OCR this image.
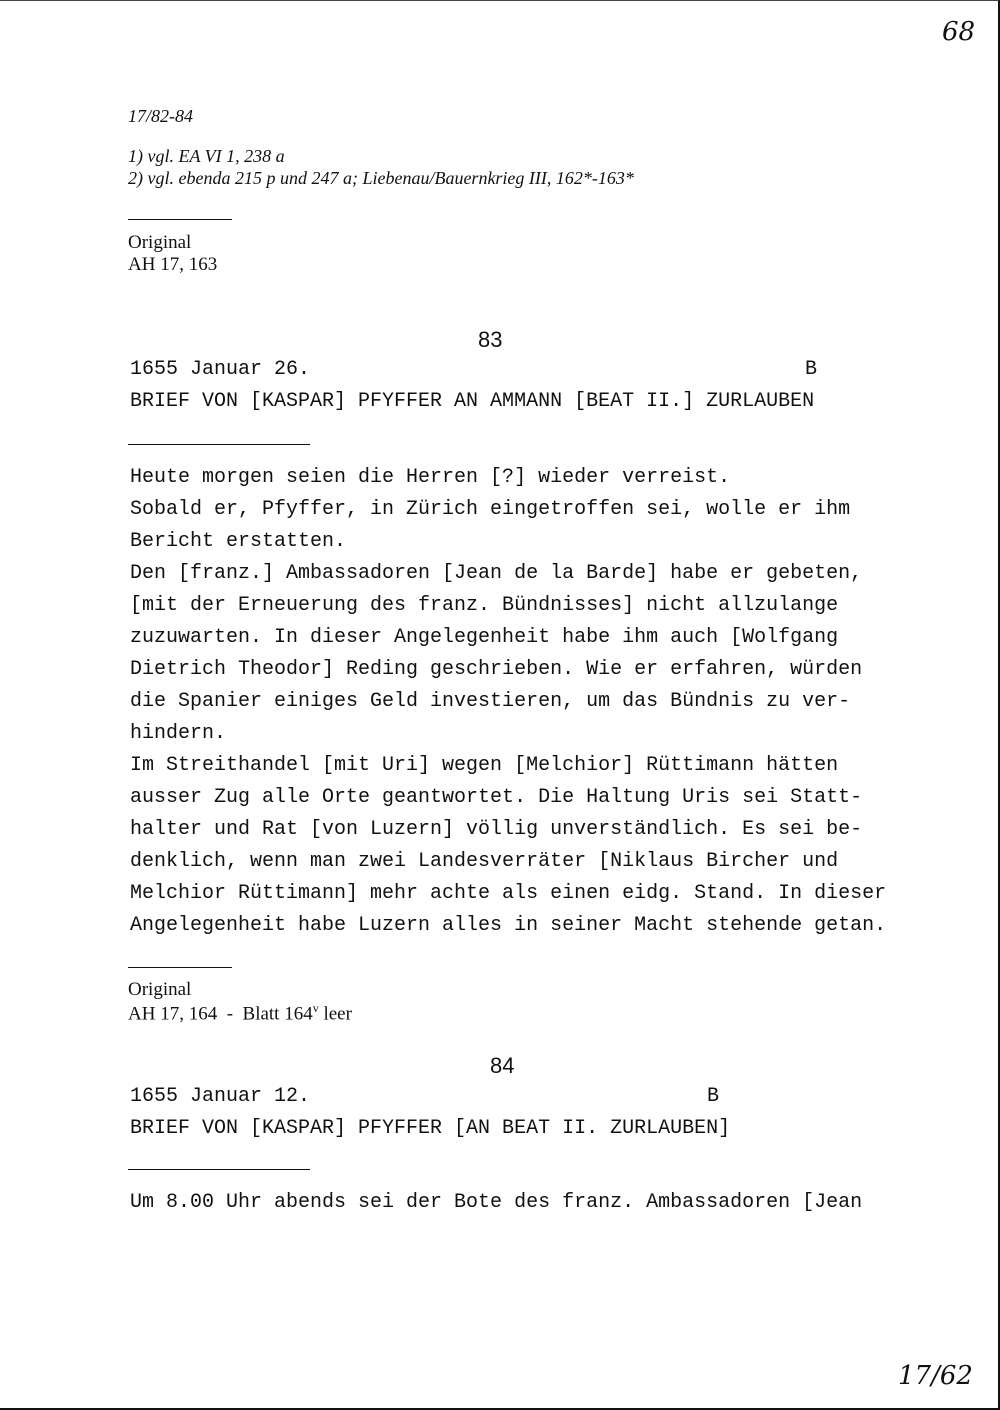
68
17/82-84
1) vgl. EA VI 1, 238 a
2) vgl. ebenda 215 p und 247 a; Liebenau/Bauernkrieg III, 162*-163*
Original
AH 17, 163
83
1655 Januar 26.	B
BRIEF VON [KASPAR] PFYFFER AN AMMANN [BEAT II.] ZURLAUBEN
Heute morgen seien die Herren [?] wieder verreist.
Sobald er, Pfyffer, in Zürich eingetroffen sei, wolle er ihm
Bericht erstatten.
Den [franz.] Ambassadoren [Jean de la Barde] habe er gebeten,
[mit der Erneuerung des franz. Bündnisses] nicht allzulange
zuzuwarten. In dieser Angelegenheit habe ihm auch [Wolfgang
Dietrich Theodor] Reding geschrieben. Wie er erfahren, würden
die Spanier einiges Geld investieren, um das Bündnis zu ver-
hindern.
Im Streithandel [mit Uri] wegen [Melchior] Rüttimann hätten
ausser Zug alle Orte geantwortet. Die Haltung Uris sei Statt-
halter und Rat [von Luzern] völlig unverständlich. Es sei be-
denklich, wenn man zwei Landesverräter [Niklaus Bircher und
Melchior Rüttimann] mehr achte als einen eidg. Stand. In dieser
Angelegenheit habe Luzern alles in seiner Macht stehende getan.
Original
AH 17, 164  -  Blatt 164$^v$ leer
84
1655 Januar 12.	B
BRIEF VON [KASPAR] PFYFFER [AN BEAT II. ZURLAUBEN]
Um 8.00 Uhr abends sei der Bote des franz. Ambassadoren [Jean
17/62
